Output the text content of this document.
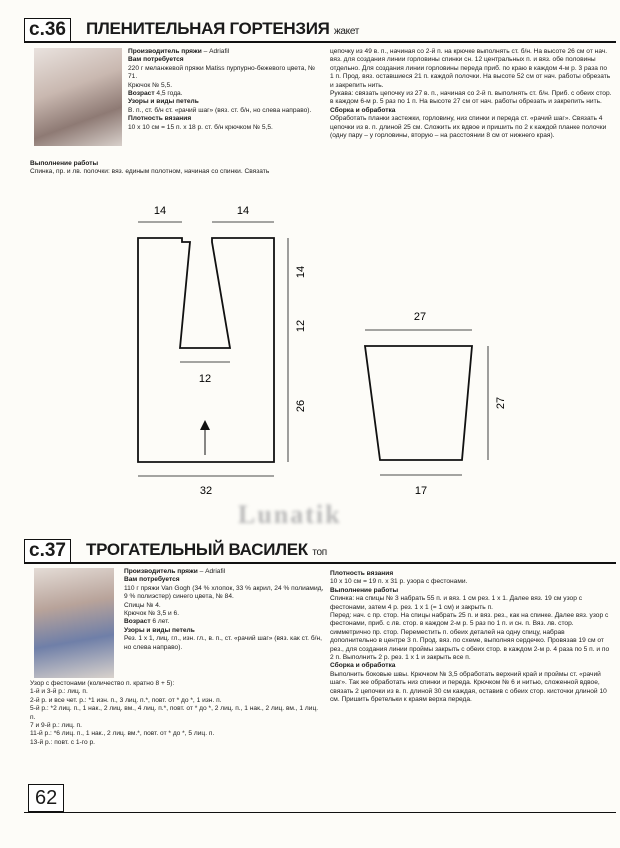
с.36 ПЛЕНИТЕЛЬНАЯ ГОРТЕНЗИЯ жакет

Производитель пряжи – Adriafil

Вам потребуется

220 г меланжевой пряжи Matiss пурпурно-бежевого цвета, № 71.

Крючок № 5,5.

Возраст 4,5 года.

Узоры и виды петель

В. п., ст. б/н ст. «рачий шаг» (вяз. ст. б/н, но слева направо).

Плотность вязания

10 х 10 см = 15 п. х 18 р. ст. б/н крючком № 5,5.

Выполнение работы

Спинка, пр. и лв. полочки: вяз. единым полотном, начиная со спинки. Связать

цепочку из 49 в. п., начиная со 2-й п. на крючке выполнять ст. б/н. На высоте 26 см от нач. вяз. для создания линии горловины спинки сн. 12 центральных п. и вяз. обе половины отдельно. Для создания линии горловины переда приб. по краю в каждом 4-м р. 3 раза по 1 п. Прод. вяз. оставшиеся 21 п. каждой полочки. На высоте 52 см от нач. работы обрезать и закрепить нить.

Рукава: связать цепочку из 27 в. п., начиная со 2-й п. выполнять ст. б/н. Приб. с обеих стор. в каждом 6-м р. 5 раз по 1 п. На высоте 27 см от нач. работы обрезать и закрепить нить.

Сборка и обработка

Обработать планки застежки, горловину, низ спинки и переда ст. «рачий шаг». Связать 4 цепочки из в. п. длиной 25 см. Сложить их вдвое и пришить по 2 к каждой планке полочки (одну пару – у горловины, вторую – на расстоянии 8 см от нижнего края).

14	14
14
12
26
12
32
27
27
17
Lunatik
с.37 ТРОГАТЕЛЬНЫЙ ВАСИЛЕК топ

Производитель пряжи – Adriafil

Вам потребуется

110 г пряжи Van Gogh (34 % хлопок, 33 % акрил, 24 % полиамид, 9 % полиэстер) синего цвета, № 84.

Спицы № 4.

Крючок № 3,5 и 6.

Возраст 6 лет.

Узоры и виды петель

Рез. 1 х 1, лиц. гл., изн. гл., в. п., ст. «рачий шаг» (вяз. как ст. б/н, но слева направо).

Узор с фестонами (количество п. кратно 8 + 5):

1-й и 3-й р.: лиц. п.

2-й р. и все чет. р.: *1 изн. п., 3 лиц. п.*, повт. от * до *, 1 изн. п.

5-й р.: *2 лиц. п., 1 нак., 2 лиц. вм., 4 лиц. п.*, повт. от * до *, 2 лиц. п., 1 нак., 2 лиц. вм., 1 лиц. п.

7 и 9-й р.: лиц. п.

11-й р.: *6 лиц. п., 1 нак., 2 лиц. вм.*, повт. от * до *, 5 лиц. п.

13-й р.: повт. с 1-го р.

Плотность вязания

10 х 10 см = 19 п. х 31 р. узора с фестонами.

Выполнение работы

Спинка: на спицы № 3 набрать 55 п. и вяз. 1 см рез. 1 х 1. Далее вяз. 19 см узор с фестонами, затем 4 р. рез. 1 х 1 (= 1 см) и закрыть п.

Перед: нач. с пр. стор. На спицы набрать 25 п. и вяз. рез., как на спинке. Далее вяз. узор с фестонами, приб. с лв. стор. в каждом 2-м р. 5 раз по 1 п. и сн. п. Вяз. лв. стор. симметрично пр. стор. Переместить п. обеих деталей на одну спицу, набрав дополнительно в центре 3 п. Прод. вяз. по схеме, выполняя сердечко. Провязав 19 см от рез., для создания линии проймы закрыть с обеих стор. в каждом 2-м р. 4 раза по 5 п. и по 2 п. Выполнить 2 р. рез. 1 х 1 и закрыть все п.

Сборка и обработка

Выполнить боковые швы. Крючком № 3,5 обработать верхний край и проймы ст. «рачий шаг». Так же обработать низ спинки и переда. Крючком № 6 и нитью, сложенной вдвое, связать 2 цепочки из в. п. длиной 30 см каждая, оставив с обеих стор. кисточки длиной 10 см. Пришить бретельки к краям верха переда.

62
